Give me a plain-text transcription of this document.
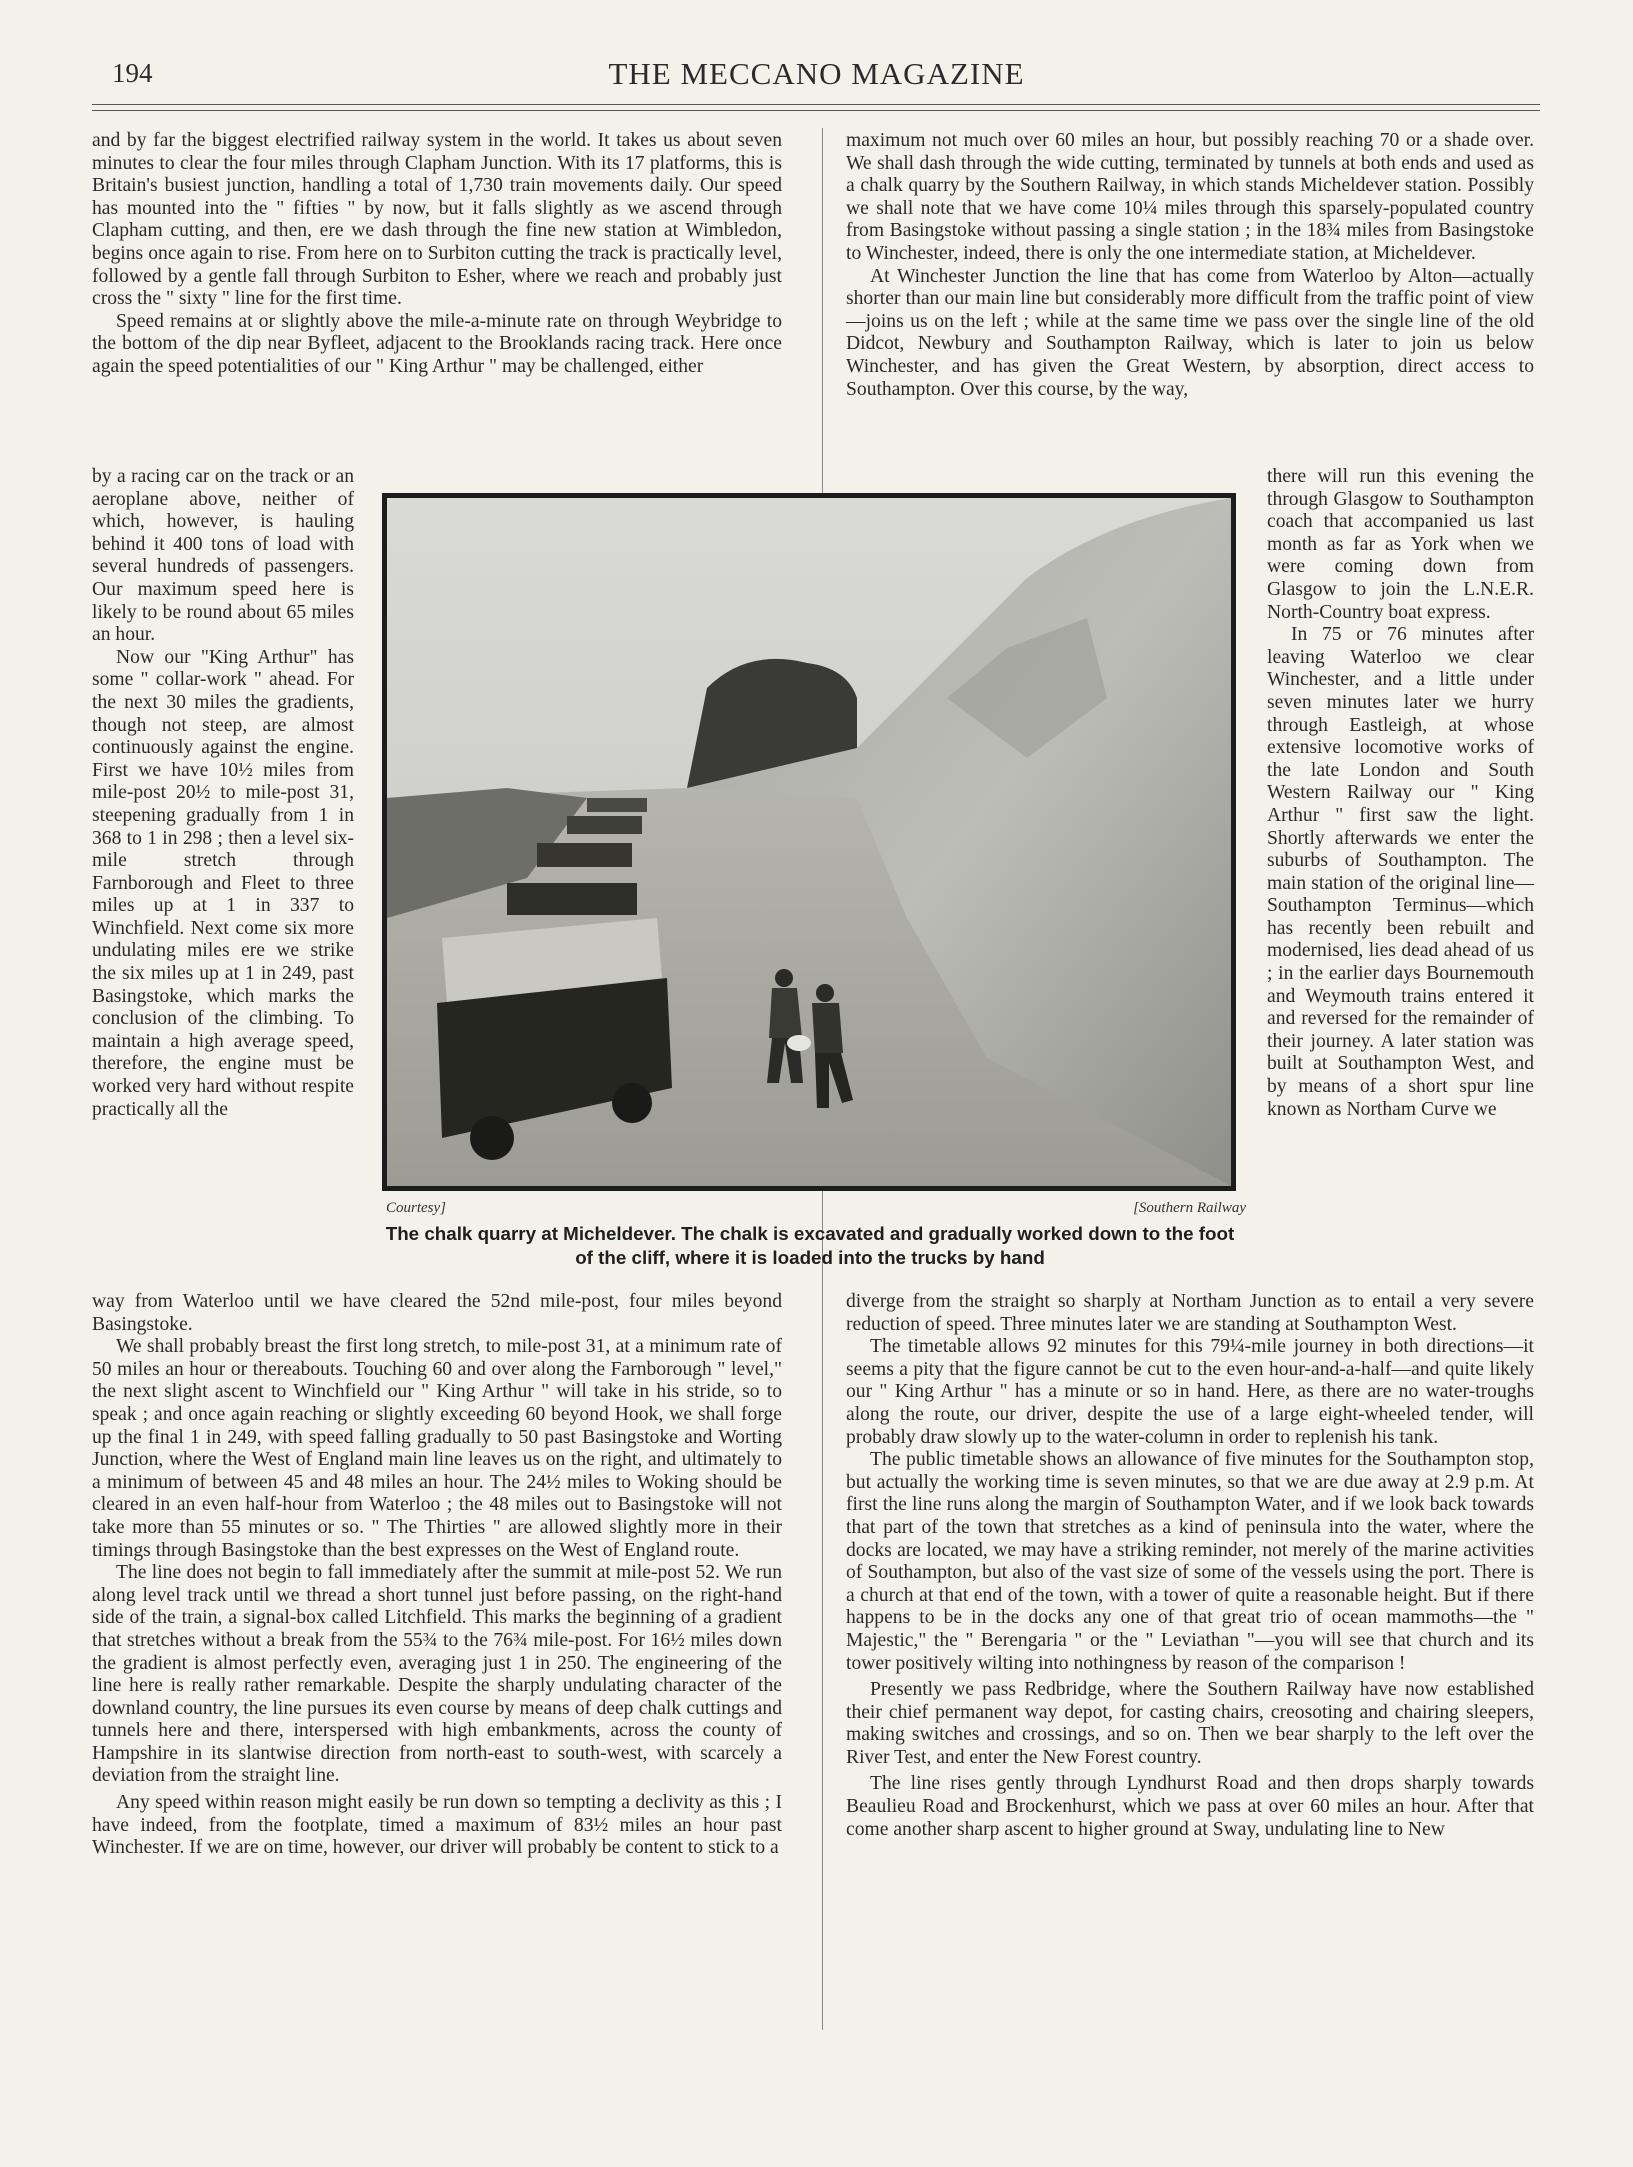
194	THE MECCANO MAGAZINE

and by far the biggest electrified railway system in the world. It takes us about seven minutes to clear the four miles through Clapham Junction. With its 17 platforms, this is Britain's busiest junction, handling a total of 1,730 train movements daily. Our speed has mounted into the " fifties " by now, but it falls slightly as we ascend through Clapham cutting, and then, ere we dash through the fine new station at Wimbledon, begins once again to rise. From here on to Surbiton cutting the track is practically level, followed by a gentle fall through Surbiton to Esher, where we reach and probably just cross the " sixty " line for the first time.

Speed remains at or slightly above the mile-a-minute rate on through Weybridge to the bottom of the dip near Byfleet, adjacent to the Brooklands racing track. Here once again the speed potentialities of our " King Arthur " may be challenged, either

by a racing car on the track or an aeroplane above, neither of which, however, is hauling behind it 400 tons of load with several hundreds of passengers. Our maximum speed here is likely to be round about 65 miles an hour.

Now our "King Arthur" has some " collar-work " ahead. For the next 30 miles the gradients, though not steep, are almost continuously against the engine. First we have 10½ miles from mile-post 20½ to mile-post 31, steepening gradually from 1 in 368 to 1 in 298 ; then a level six-mile stretch through Farnborough and Fleet to three miles up at 1 in 337 to Winchfield. Next come six more undulating miles ere we strike the six miles up at 1 in 249, past Basingstoke, which marks the conclusion of the climbing. To maintain a high average speed, therefore, the engine must be worked very hard without respite practically all the

way from Waterloo until we have cleared the 52nd mile-post, four miles beyond Basingstoke.

We shall probably breast the first long stretch, to mile-post 31, at a minimum rate of 50 miles an hour or thereabouts. Touching 60 and over along the Farnborough " level," the next slight ascent to Winchfield our " King Arthur " will take in his stride, so to speak ; and once again reaching or slightly exceeding 60 beyond Hook, we shall forge up the final 1 in 249, with speed falling gradually to 50 past Basingstoke and Worting Junction, where the West of England main line leaves us on the right, and ultimately to a minimum of between 45 and 48 miles an hour. The 24½ miles to Woking should be cleared in an even half-hour from Waterloo ; the 48 miles out to Basingstoke will not take more than 55 minutes or so. " The Thirties " are allowed slightly more in their timings through Basingstoke than the best expresses on the West of England route.

The line does not begin to fall immediately after the summit at mile-post 52. We run along level track until we thread a short tunnel just before passing, on the right-hand side of the train, a signal-box called Litchfield. This marks the beginning of a gradient that stretches without a break from the 55¾ to the 76¾ mile-post. For 16½ miles down the gradient is almost perfectly even, averaging just 1 in 250. The engineering of the line here is really rather remarkable. Despite the sharply undulating character of the downland country, the line pursues its even course by means of deep chalk cuttings and tunnels here and there, interspersed with high embankments, across the county of Hampshire in its slantwise direction from north-east to south-west, with scarcely a deviation from the straight line.

Any speed within reason might easily be run down so tempting a declivity as this ; I have indeed, from the footplate, timed a maximum of 83½ miles an hour past Winchester. If we are on time, however, our driver will probably be content to stick to a

maximum not much over 60 miles an hour, but possibly reaching 70 or a shade over. We shall dash through the wide cutting, terminated by tunnels at both ends and used as a chalk quarry by the Southern Railway, in which stands Micheldever station. Possibly we shall note that we have come 10¼ miles through this sparsely-populated country from Basingstoke without passing a single station ; in the 18¾ miles from Basingstoke to Winchester, indeed, there is only the one intermediate station, at Micheldever.

At Winchester Junction the line that has come from Waterloo by Alton—actually shorter than our main line but considerably more difficult from the traffic point of view—joins us on the left ; while at the same time we pass over the single line of the old Didcot, Newbury and Southampton Railway, which is later to join us below Winchester, and has given the Great Western, by absorption, direct access to Southampton. Over this course, by the way,

there will run this evening the through Glasgow to Southampton coach that accompanied us last month as far as York when we were coming down from Glasgow to join the L.N.E.R. North-Country boat express.

In 75 or 76 minutes after leaving Waterloo we clear Winchester, and a little under seven minutes later we hurry through Eastleigh, at whose extensive locomotive works of the late London and South Western Railway our " King Arthur " first saw the light. Shortly afterwards we enter the suburbs of Southampton. The main station of the original line—Southampton Terminus—which has recently been rebuilt and modernised, lies dead ahead of us ; in the earlier days Bournemouth and Weymouth trains entered it and reversed for the remainder of their journey. A later station was built at Southampton West, and by means of a short spur line known as Northam Curve we

diverge from the straight so sharply at Northam Junction as to entail a very severe reduction of speed. Three minutes later we are standing at Southampton West.

The timetable allows 92 minutes for this 79¼-mile journey in both directions—it seems a pity that the figure cannot be cut to the even hour-and-a-half—and quite likely our " King Arthur " has a minute or so in hand. Here, as there are no water-troughs along the route, our driver, despite the use of a large eight-wheeled tender, will probably draw slowly up to the water-column in order to replenish his tank.

The public timetable shows an allowance of five minutes for the Southampton stop, but actually the working time is seven minutes, so that we are due away at 2.9 p.m. At first the line runs along the margin of Southampton Water, and if we look back towards that part of the town that stretches as a kind of peninsula into the water, where the docks are located, we may have a striking reminder, not merely of the marine activities of Southampton, but also of the vast size of some of the vessels using the port. There is a church at that end of the town, with a tower of quite a reasonable height. But if there happens to be in the docks any one of that great trio of ocean mammoths—the " Majestic," the " Berengaria " or the " Leviathan "—you will see that church and its tower positively wilting into nothingness by reason of the comparison !

Presently we pass Redbridge, where the Southern Railway have now established their chief permanent way depot, for casting chairs, creosoting and chairing sleepers, making switches and crossings, and so on. Then we bear sharply to the left over the River Test, and enter the New Forest country.

The line rises gently through Lyndhurst Road and then drops sharply towards Beaulieu Road and Brockenhurst, which we pass at over 60 miles an hour. After that come another sharp ascent to higher ground at Sway, undulating line to New

Courtesy]	[Southern Railway
The chalk quarry at Micheldever. The chalk is excavated and gradually worked down to the foot of the cliff, where it is loaded into the trucks by hand
